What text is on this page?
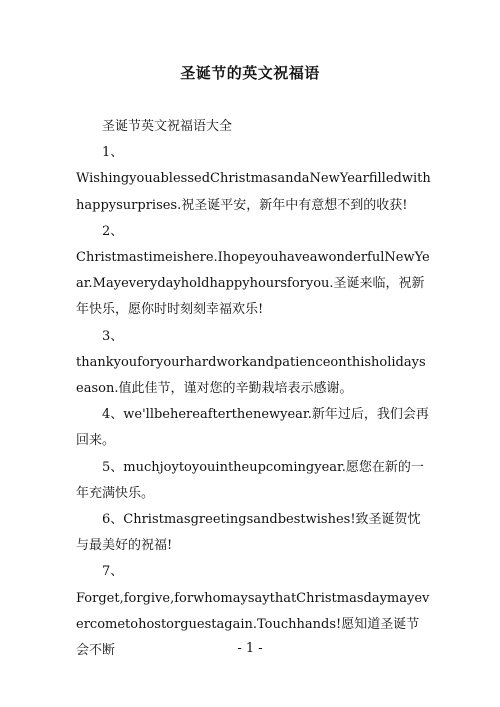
圣诞节的英文祝福语

圣诞节英文祝福语大全

1、

WishingyouablessedChristmasandaNewYearfilledwithhappysurprises.祝圣诞平安，新年中有意想不到的收获!

2、

Christmastimeishere.IhopeyouhaveawonderfulNewYear.Mayeverydayholdhappyhoursforyou.圣诞来临，祝新年快乐，愿你时时刻刻幸福欢乐!

3、

thankyouforyourhardworkandpatienceonthisholidayseason.值此佳节，谨对您的辛勤栽培表示感谢。

4、we'llbehereafterthenewyear.新年过后，我们会再回来。

5、muchjoytoyouintheupcomingyear.愿您在新的一年充满快乐。

6、Christmasgreetingsandbestwishes!致圣诞贺忱与最美好的祝福!

7、

Forget,forgive,forwhomaysaythatChristmasdaymayevercometohostorguestagain.Touchhands!愿知道圣诞节会不断	- 1 -
